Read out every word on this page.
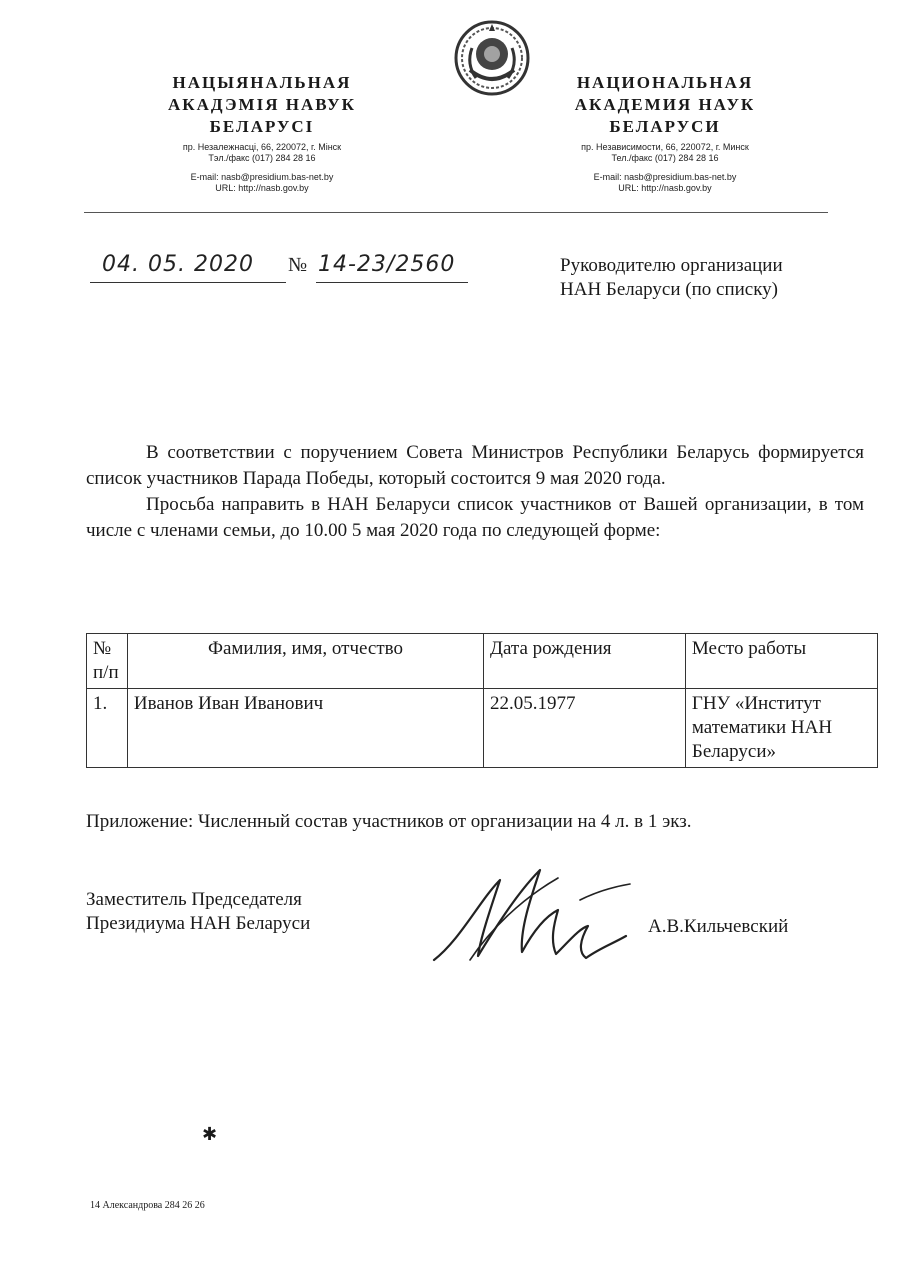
НАЦЫЯНАЛЬНАЯ

АКАДЭМІЯ НАВУК

БЕЛАРУСІ

пр. Незалежнасці, 66, 220072, г. Мінск

Тэл./факс (017) 284 28 16

E-mail: nasb@presidium.bas-net.by

URL: http://nasb.gov.by

НАЦИОНАЛЬНАЯ

АКАДЕМИЯ НАУК

БЕЛАРУСИ

пр. Независимости, 66, 220072, г. Минск

Тел./факс (017) 284 28 16

E-mail: nasb@presidium.bas-net.by

URL: http://nasb.gov.by

04. 05. 2020 № 14-23/2560	Руководителю организации

НАН Беларуси (по списку)

В соответствии с поручением Совета Министров Республики Беларусь формируется список участников Парада Победы, который состоится 9 мая 2020 года.

Просьба направить в НАН Беларуси список участников от Вашей организации, в том числе с членами семьи, до 10.00 5 мая 2020 года по следующей форме:

№ п/п	Фамилия, имя, отчество	Дата рождения	Место работы
1.	Иванов Иван Иванович	22.05.1977	ГНУ «Институт математики НАН Беларуси»
Приложение: Численный состав участников от организации на 4 л. в 1 экз.

Заместитель Председателя

Президиума НАН Беларуси	А.В.Кильчевский
✱
14 Александрова 284 26 26
